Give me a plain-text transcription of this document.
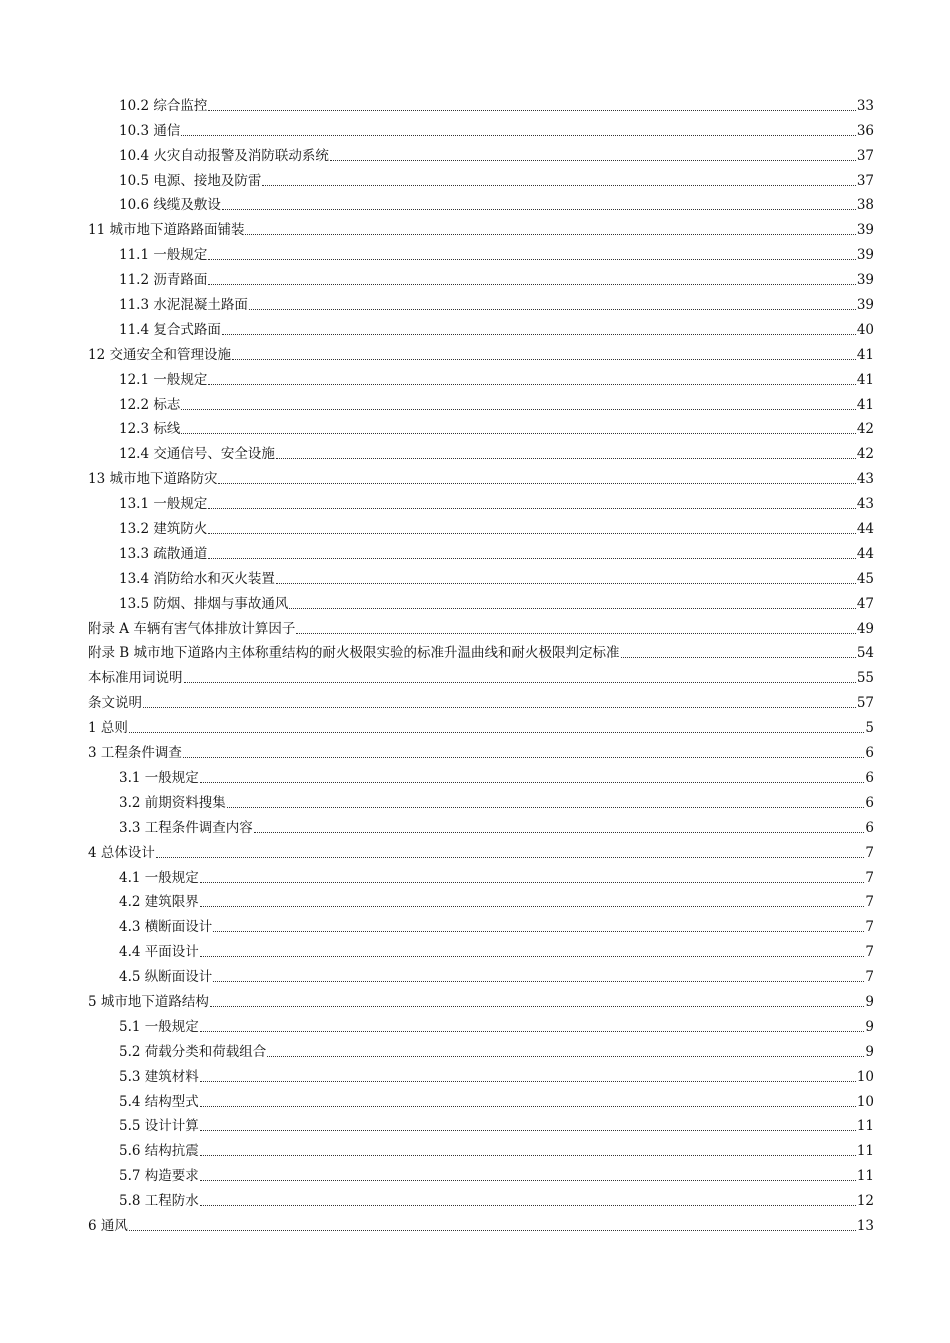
10.2 综合监控	33
10.3 通信	36
10.4 火灾自动报警及消防联动系统	37
10.5 电源、接地及防雷	37
10.6 线缆及敷设	38
11 城市地下道路路面铺装	39
11.1 一般规定	39
11.2 沥青路面	39
11.3 水泥混凝土路面	39
11.4 复合式路面	40
12 交通安全和管理设施	41
12.1 一般规定	41
12.2 标志	41
12.3 标线	42
12.4 交通信号、安全设施	42
13 城市地下道路防灾	43
13.1 一般规定	43
13.2 建筑防火	44
13.3 疏散通道	44
13.4 消防给水和灭火装置	45
13.5 防烟、排烟与事故通风	47
附录 A 车辆有害气体排放计算因子	49
附录 B 城市地下道路内主体称重结构的耐火极限实验的标准升温曲线和耐火极限判定标准	54
本标准用词说明	55
条文说明	57
1 总则	5
3 工程条件调查	6
3.1 一般规定	6
3.2 前期资料搜集	6
3.3 工程条件调查内容	6
4 总体设计	7
4.1 一般规定	7
4.2 建筑限界	7
4.3 横断面设计	7
4.4 平面设计	7
4.5 纵断面设计	7
5 城市地下道路结构	9
5.1 一般规定	9
5.2 荷载分类和荷载组合	9
5.3 建筑材料	10
5.4 结构型式	10
5.5 设计计算	11
5.6 结构抗震	11
5.7 构造要求	11
5.8 工程防水	12
6 通风	13
